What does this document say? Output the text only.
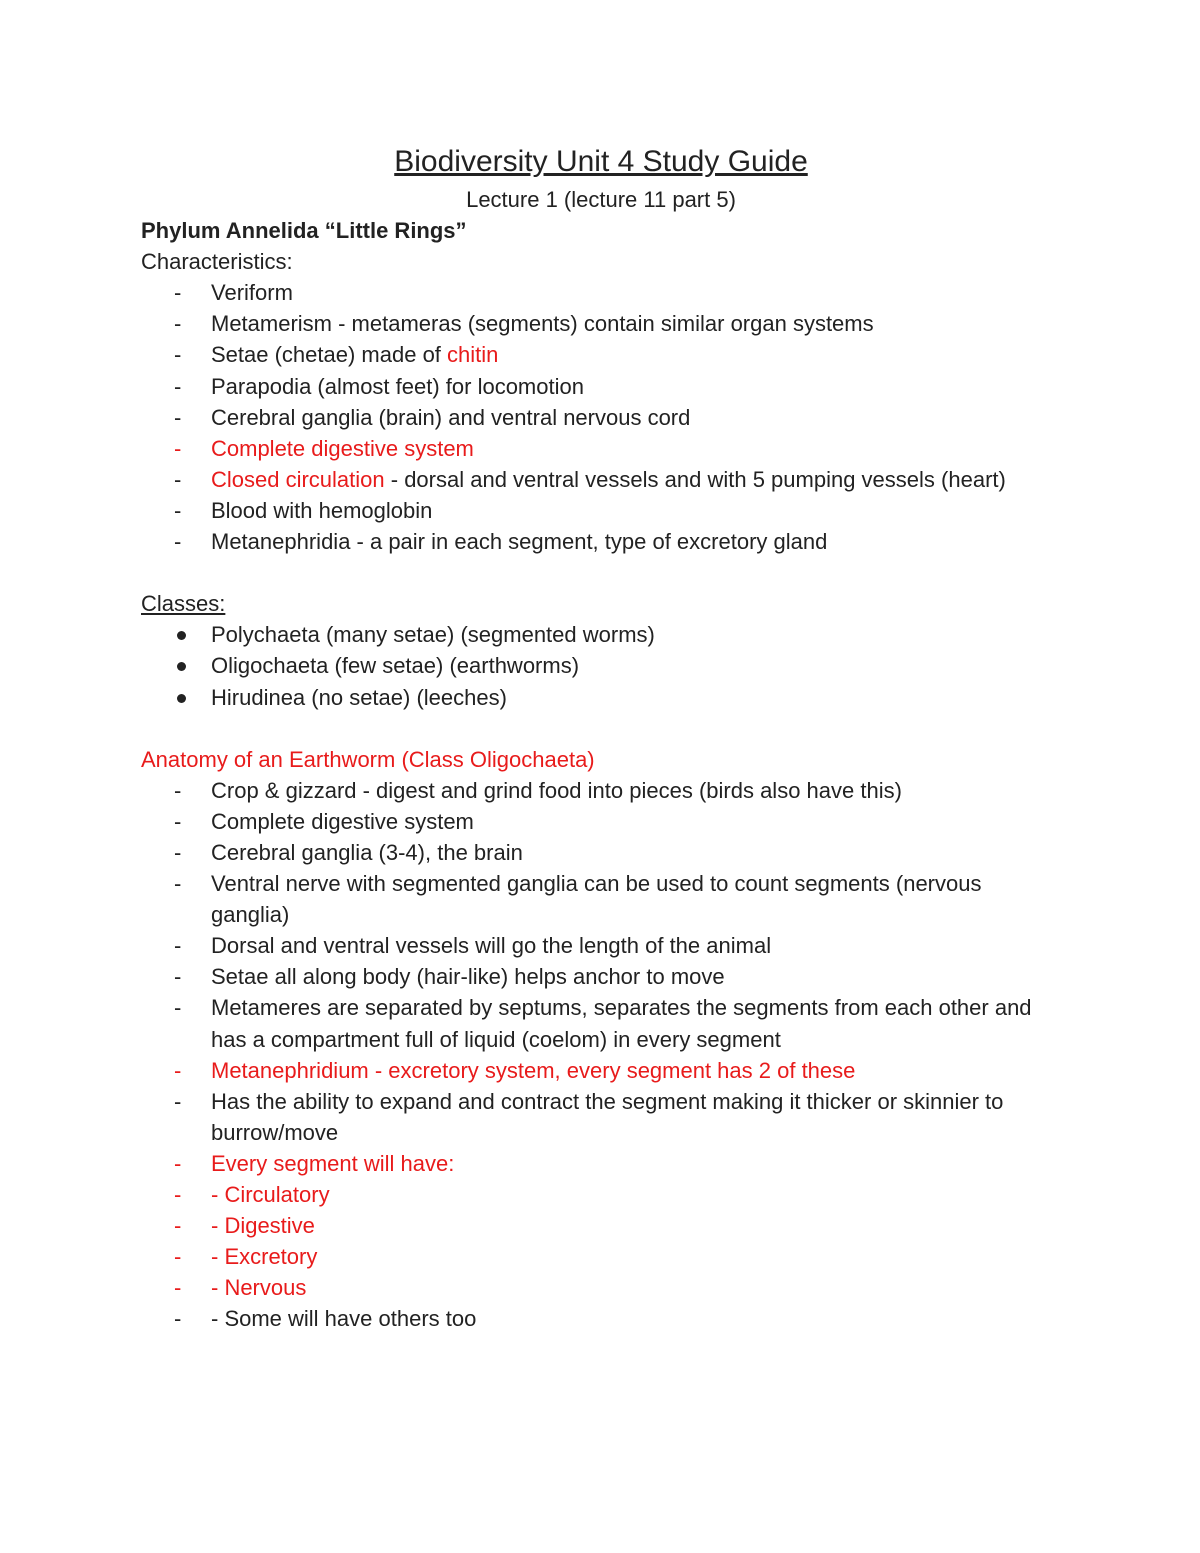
Biodiversity Unit 4 Study Guide
Lecture 1 (lecture 11 part 5)
Phylum Annelida “Little Rings”
Characteristics:
- Veriform
- Metamerism - metameras (segments) contain similar organ systems
- Setae (chetae) made of chitin
- Parapodia (almost feet) for locomotion
- Cerebral ganglia (brain) and ventral nervous cord
- Complete digestive system
- Closed circulation - dorsal and ventral vessels and with 5 pumping vessels (heart)
- Blood with hemoglobin
- Metanephridia - a pair in each segment, type of excretory gland
Classes:
Polychaeta (many setae) (segmented worms)
Oligochaeta (few setae) (earthworms)
Hirudinea (no setae) (leeches)
Anatomy of an Earthworm (Class Oligochaeta)
- Crop & gizzard - digest and grind food into pieces (birds also have this)
- Complete digestive system
- Cerebral ganglia (3-4), the brain
- Ventral nerve with segmented ganglia can be used to count segments (nervous ganglia)
- Dorsal and ventral vessels will go the length of the animal
- Setae all along body (hair-like) helps anchor to move
- Metameres are separated by septums, separates the segments from each other and has a compartment full of liquid (coelom) in every segment
- Metanephridium - excretory system, every segment has 2 of these
- Has the ability to expand and contract the segment making it thicker or skinnier to burrow/move
- Every segment will have:
- - Circulatory
- - Digestive
- - Excretory
- - Nervous
- - Some will have others too
